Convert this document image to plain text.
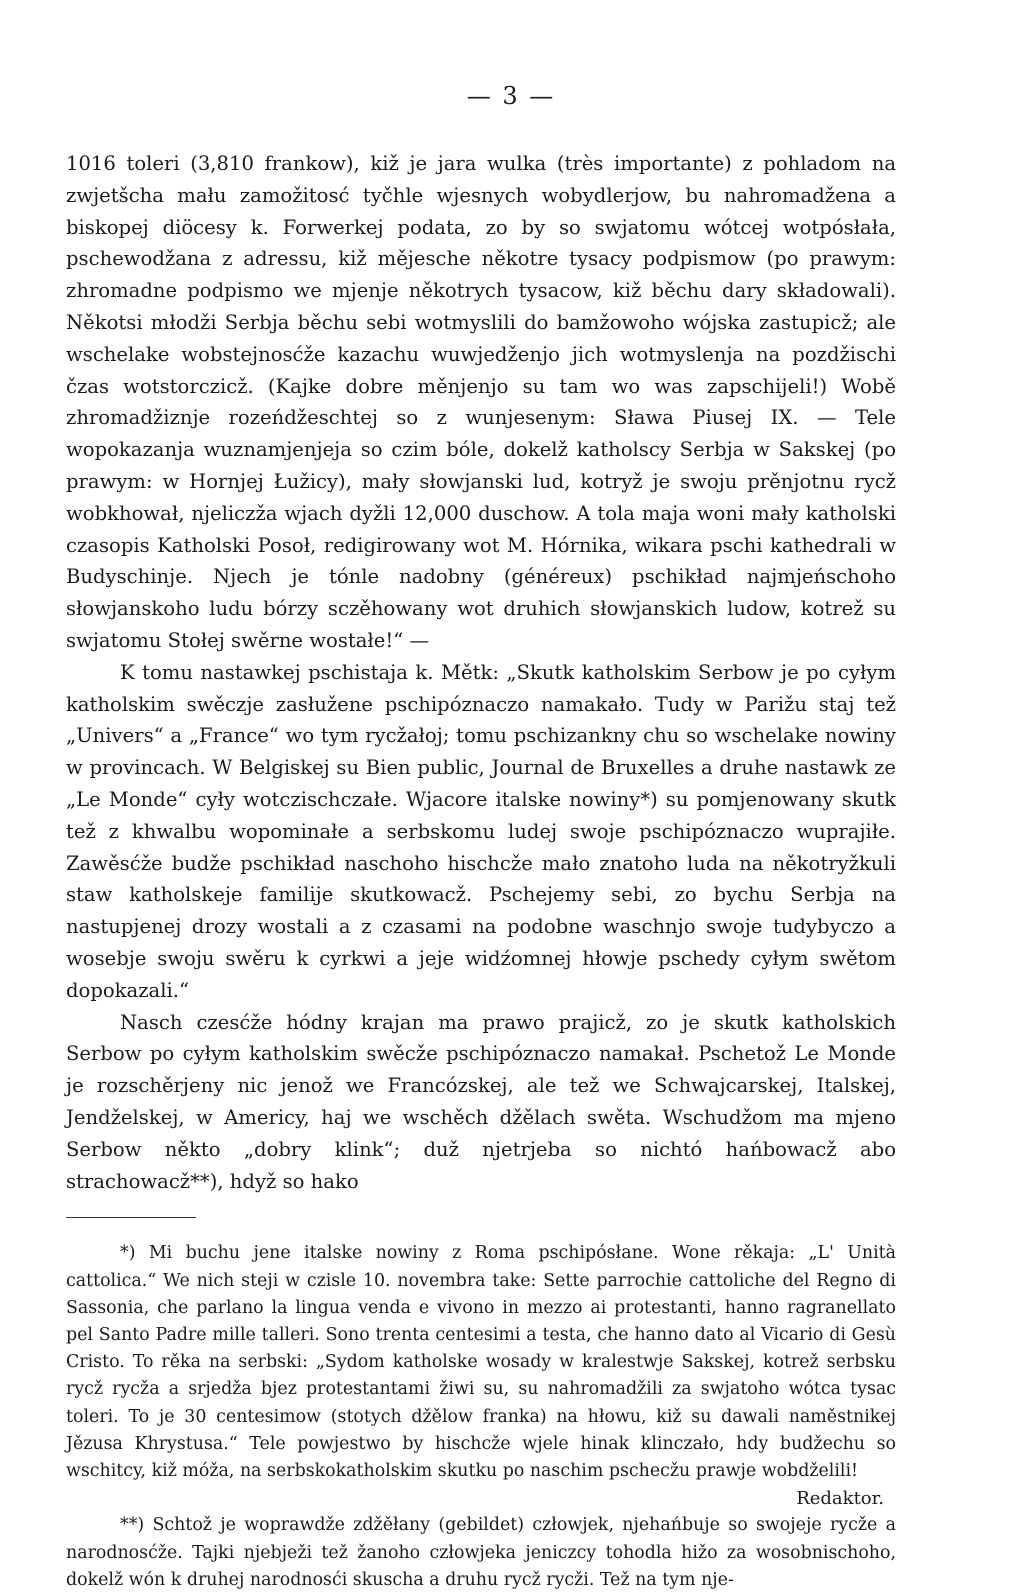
— 3 —

1016 toleri (3,810 frankow), kiž je jara wulka (très importante) z pohladom na zwjetšcha mału zamožitosć tyčhle wjesnych wobydlerjow, bu nahromadžena a biskopej diöcesy k. Forwerkej podata, zo by so swjatomu wótcej wotpósłała, pschewodžana z adressu, kiž mějesche někotre tysacy podpismow (po prawym: zhromadne podpismo we mjenje někotrych tysacow, kiž běchu dary składowali). Někotsi młodži Serbja běchu sebi wotmyslili do bamžowoho wójska zastupicž; ale wschelake wobstejnosćže kazachu wuwjedženjo jich wotmyslenja na pozdžischi čzas wotstorczicž. (Kajke dobre měnjenjo su tam wo was zapschijeli!) Wobě zhromadžiznje rozeńdžeschtej so z wunjesenym: Sława Piusej IX. — Tele wopokazanja wuznamjenjeja so czim bóle, dokelž katholscy Serbja w Sakskej (po prawym: w Hornjej Łužicy), mały słowjanski lud, kotryž je swoju prěnjotnu rycž wobkhował, njeliczža wjach dyžli 12,000 duschow. A tola maja woni mały katholski czasopis Katholski Posoł, redigirowany wot M. Hórnika, wikara pschi kathedrali w Budyschinje. Njech je tónle nadobny (généreux) pschikład najmjeńschoho słowjanskoho ludu bórzy sczěhowany wot druhich słowjanskich ludow, kotrež su swjatomu Stołej swěrne wostałe!“ —

K tomu nastawkej pschistaja k. Mětk: „Skutk katholskim Serbow je po cyłym katholskim swěczje zasłužene pschipóznaczo namakało. Tudy w Parižu staj tež „Univers“ a „France“ wo tym rycžałoj; tomu pschizankny chu so wschelake nowiny w provincach. W Belgiskej su Bien public, Journal de Bruxelles a druhe nastawk ze „Le Monde“ cyły wotczischczałe. Wjacore italske nowiny*) su pomjenowany skutk tež z khwalbu wopominałe a serbskomu ludej swoje pschipóznaczo wuprajiłe. Zawěsćže budže pschikład naschoho hischcže mało znatoho luda na někotryžkuli staw katholskeje familije skutkowacž. Pschejemy sebi, zo bychu Serbja na nastupjenej drozy wostali a z czasami na podobne waschnjo swoje tudybyczo a wosebje swoju swěru k cyrkwi a jeje widźomnej hłowje pschedy cyłym swětom dopokazali.“

Nasch czesćže hódny krajan ma prawo prajicž, zo je skutk katholskich Serbow po cyłym katholskim swěcže pschipóznaczo namakał. Pschetož Le Monde je rozschěrjeny nic jenož we Francózskej, ale tež we Schwajcarskej, Italskej, Jendželskej, w Americy, haj we wschěch džělach swěta. Wschudžom ma mjeno Serbow někto „dobry klink“; duž njetrjeba so nichtó hańbowacž abo strachowacž**), hdyž so hako

*) Mi buchu jene italske nowiny z Roma pschipósłane. Wone rěkaja: „L' Unità cattolica.“ We nich steji w czisle 10. novembra take: Sette parrochie cattoliche del Regno di Sassonia, che parlano la lingua venda e vivono in mezzo ai protestanti, hanno ragranellato pel Santo Padre mille talleri. Sono trenta centesimi a testa, che hanno dato al Vicario di Gesù Cristo. To rěka na serbski: „Sydom katholske wosady w kralestwje Sakskej, kotrež serbsku rycž rycža a srjedža bjez protestantami žiwi su, su nahromadžili za swjatoho wótca tysac toleri. To je 30 centesimow (stotych džělow franka) na hłowu, kiž su dawali naměstnikej Jězusa Khrystusa.“ Tele powjestwo by hischcže wjele hinak klinczało, hdy budžechu so wschitcy, kiž móža, na serbskokatholskim skutku po naschim pschecžu prawje wobdželili!

Redaktor.

**) Schtož je woprawdže zdžěłany (gebildet) człowjek, njehańbuje so swojeje rycže a narodnosćže. Tajki njebježi tež žanoho człowjeka jeniczcy tohodla hižo za wosobnischoho, dokelž wón k druhej narodnosći skuscha a druhu rycž rycži. Tež na tym nje-
